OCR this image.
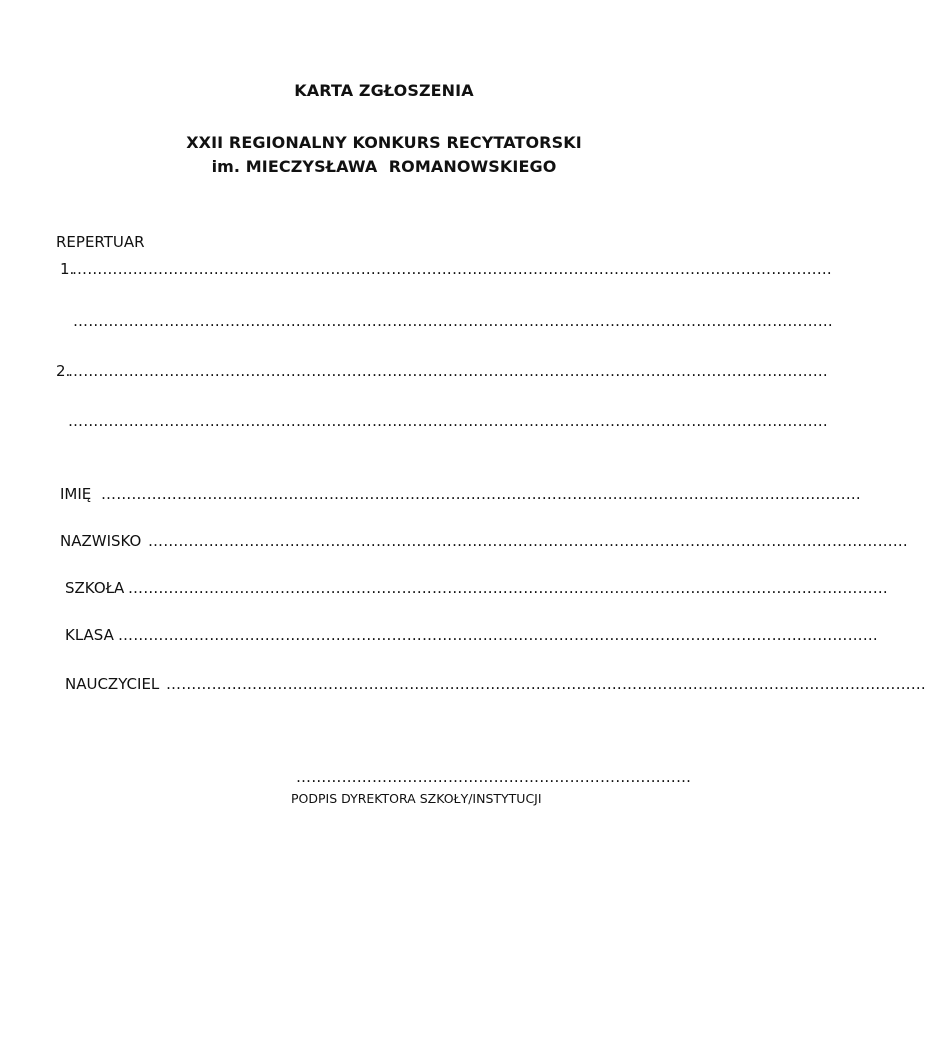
KARTA ZGŁOSZENIA
XXII REGIONALNY KONKURS RECYTATORSKI
im. MIECZYSŁAWA  ROMANOWSKIEGO
REPERTUAR
1.
……………………………………………………………………………………………………………………………………
……………………………………………………………………………………………………………………………………
2.
……………………………………………………………………………………………………………………………………
……………………………………………………………………………………………………………………………………
IMIĘ ……………………………………………………………………………………………………………………………………
NAZWISKO ……………………………………………………………………………………………………………………………………
SZKOŁA ……………………………………………………………………………………………………………………………………
KLASA ……………………………………………………………………………………………………………………………………
NAUCZYCIEL ……………………………………………………………………………………………………………………………………
……………………………………………………………………
PODPIS DYREKTORA SZKOŁY/INSTYTUCJI
